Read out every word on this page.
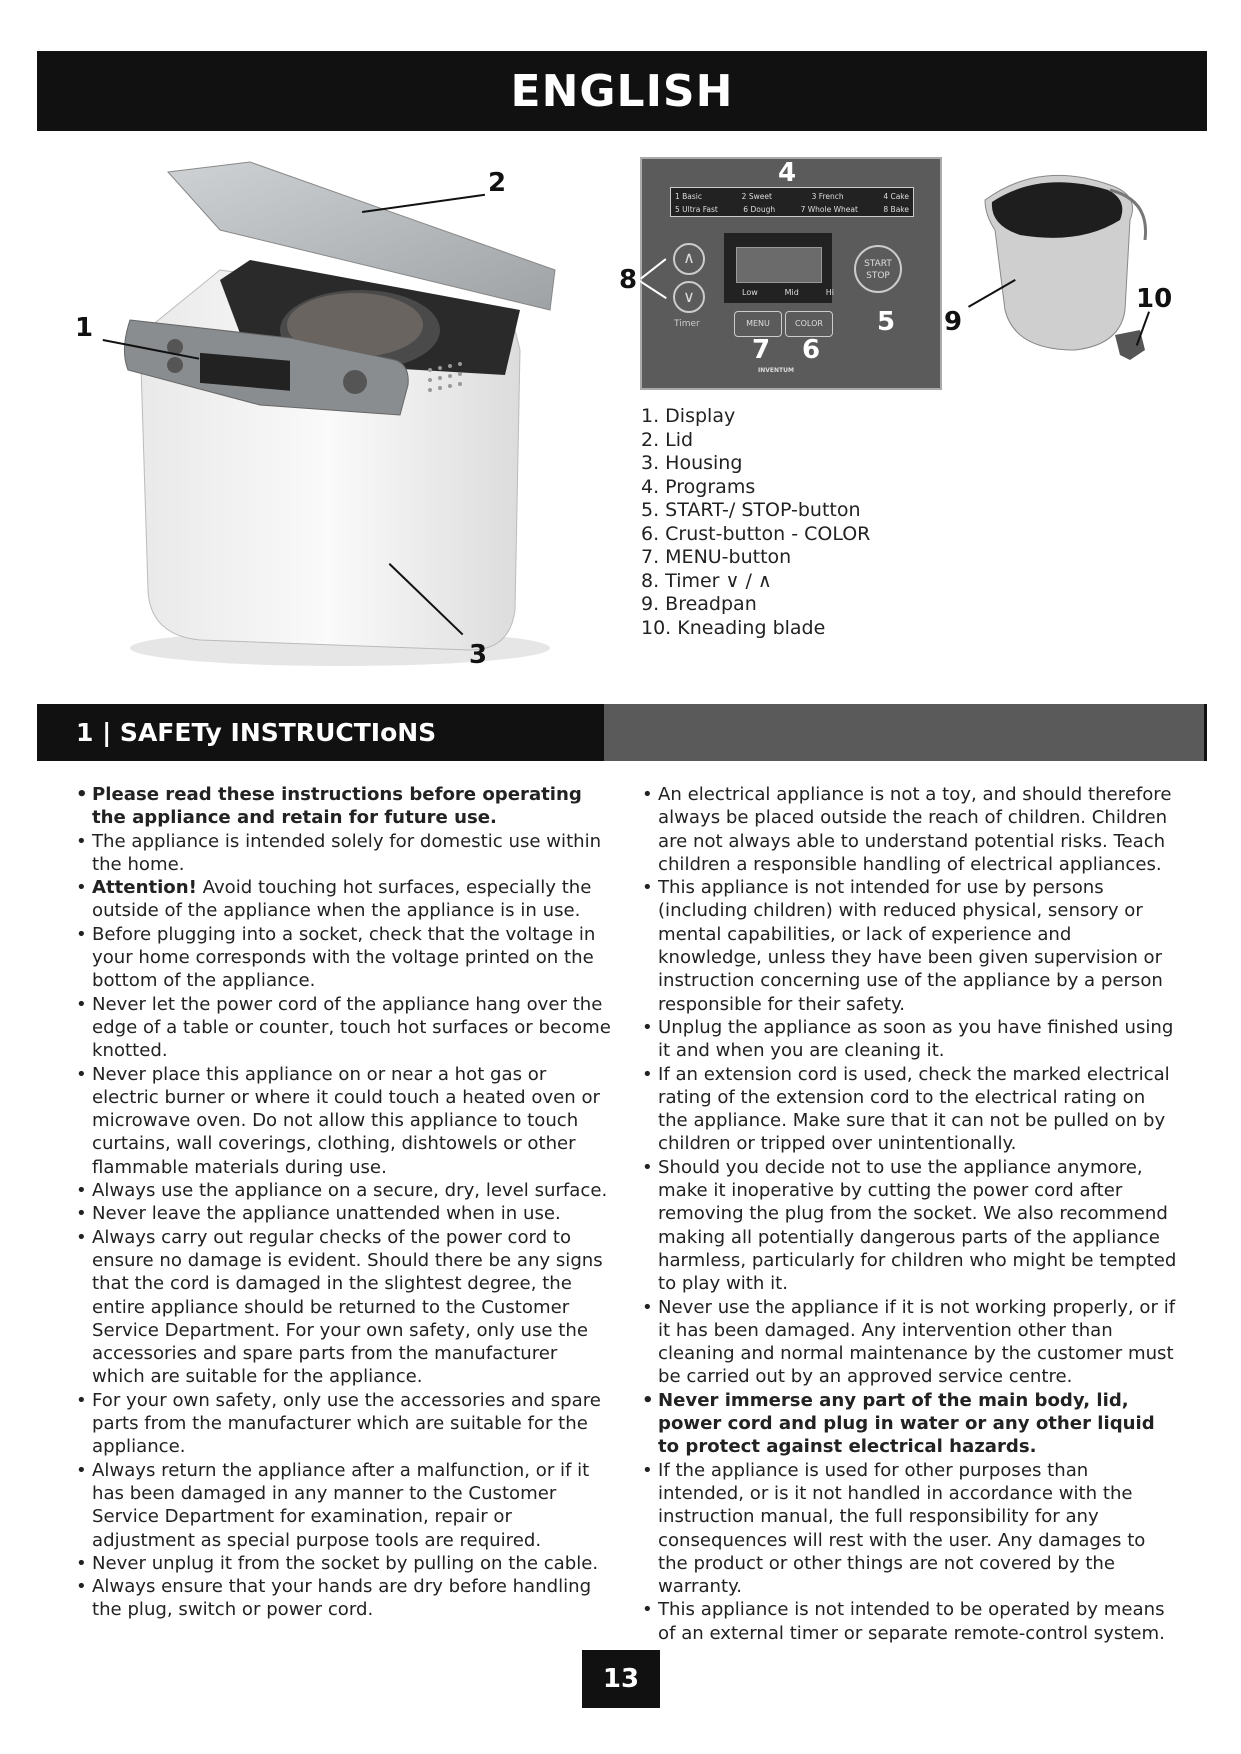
ENGLISH
2
1
3
1 Basic	2 Sweet	3 French	4 Cake
5 Ultra Fast	6 Dough	7 Whole Wheat	8 Bake
∧
∨
Timer
Low	Mid	Hi
MENU	COLOR
START
STOP
INVENTUM
4
8
5
7 6
9
10
1. Display
2. Lid
3. Housing
4. Programs
5. START-/ STOP-button
6. Crust-button - COLOR
7. MENU-button
8. Timer ∨ / ∧
9. Breadpan
10. Kneading blade
1 | SAFETy INSTRUCTIoNS
• Please read these instructions before operating the appliance and retain for future use.
• The appliance is intended solely for domestic use within the home.
• Attention! Avoid touching hot surfaces, especially the outside of the appliance when the appliance is in use.
• Before plugging into a socket, check that the voltage in your home corresponds with the voltage printed on the bottom of the appliance.
• Never let the power cord of the appliance hang over the edge of a table or counter, touch hot surfaces or become knotted.
• Never place this appliance on or near a hot gas or electric burner or where it could touch a heated oven or microwave oven. Do not allow this appliance to touch curtains, wall coverings, clothing, dishtowels or other flammable materials during use.
• Always use the appliance on a secure, dry, level surface.
• Never leave the appliance unattended when in use.
• Always carry out regular checks of the power cord to ensure no damage is evident. Should there be any signs that the cord is damaged in the slightest degree, the entire appliance should be returned to the Customer Service Department. For your own safety, only use the accessories and spare parts from the manufacturer which are suitable for the appliance.
• For your own safety, only use the accessories and spare parts from the manufacturer which are suitable for the appliance.
• Always return the appliance after a malfunction, or if it has been damaged in any manner to the Customer Service Department for examination, repair or adjustment as special purpose tools are required.
• Never unplug it from the socket by pulling on the cable.
• Always ensure that your hands are dry before handling the plug, switch or power cord.
• An electrical appliance is not a toy, and should therefore always be placed outside the reach of children. Children are not always able to understand potential risks. Teach children a responsible handling of electrical appliances.
• This appliance is not intended for use by persons (including children) with reduced physical, sensory or mental capabilities, or lack of experience and knowledge, unless they have been given supervision or instruction concerning use of the appliance by a person responsible for their safety.
• Unplug the appliance as soon as you have finished using it and when you are cleaning it.
• If an extension cord is used, check the marked electrical rating of the extension cord to the electrical rating on the appliance. Make sure that it can not be pulled on by children or tripped over unintentionally.
• Should you decide not to use the appliance anymore, make it inoperative by cutting the power cord after removing the plug from the socket. We also recommend making all potentially dangerous parts of the appliance harmless, particularly for children who might be tempted to play with it.
• Never use the appliance if it is not working properly, or if it has been damaged. Any intervention other than cleaning and normal maintenance by the customer must be carried out by an approved service centre.
• Never immerse any part of the main body, lid, power cord and plug in water or any other liquid to protect against electrical hazards.
• If the appliance is used for other purposes than intended, or is it not handled in accordance with the instruction manual, the full responsibility for any consequences will rest with the user. Any damages to the product or other things are not covered by the warranty.
• This appliance is not intended to be operated by means of an external timer or separate remote-control system.
13
